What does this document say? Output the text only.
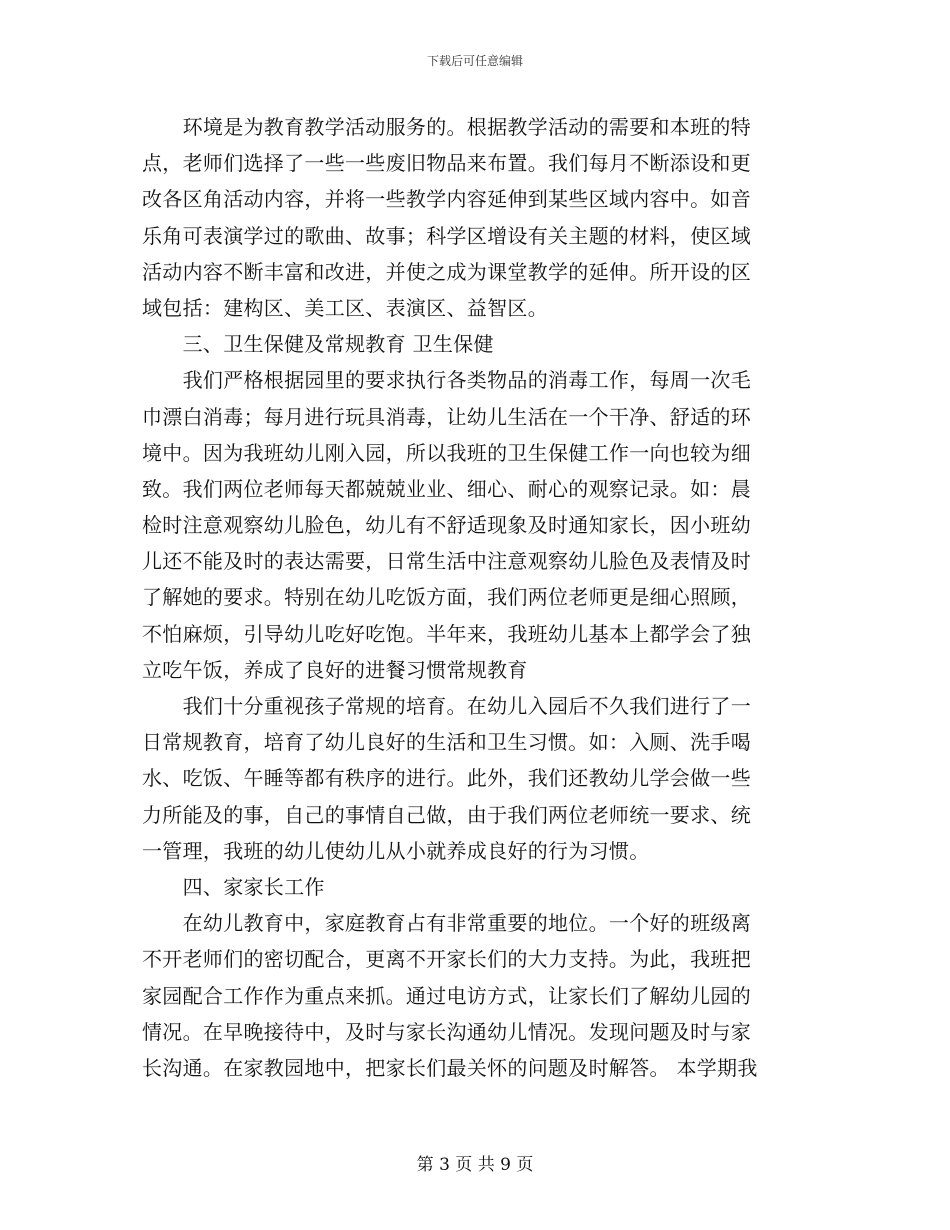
下载后可任意编辑
　　环境是为教育教学活动服务的。根据教学活动的需要和本班的特
点，老师们选择了一些一些废旧物品来布置。我们每月不断添设和更
改各区角活动内容，并将一些教学内容延伸到某些区域内容中。如音
乐角可表演学过的歌曲、故事；科学区增设有关主题的材料，使区域
活动内容不断丰富和改进，并使之成为课堂教学的延伸。所开设的区
域包括：建构区、美工区、表演区、益智区。
　　三、卫生保健及常规教育 卫生保健
　　我们严格根据园里的要求执行各类物品的消毒工作，每周一次毛
巾漂白消毒；每月进行玩具消毒，让幼儿生活在一个干净、舒适的环
境中。因为我班幼儿刚入园，所以我班的卫生保健工作一向也较为细
致。我们两位老师每天都兢兢业业、细心、耐心的观察记录。如：晨
检时注意观察幼儿脸色，幼儿有不舒适现象及时通知家长，因小班幼
儿还不能及时的表达需要，日常生活中注意观察幼儿脸色及表情及时
了解她的要求。特别在幼儿吃饭方面，我们两位老师更是细心照顾，
不怕麻烦，引导幼儿吃好吃饱。半年来，我班幼儿基本上都学会了独
立吃午饭，养成了良好的进餐习惯常规教育
　　我们十分重视孩子常规的培育。在幼儿入园后不久我们进行了一
日常规教育，培育了幼儿良好的生活和卫生习惯。如：入厕、洗手喝
水、吃饭、午睡等都有秩序的进行。此外，我们还教幼儿学会做一些
力所能及的事，自己的事情自己做，由于我们两位老师统一要求、统
一管理，我班的幼儿使幼儿从小就养成良好的行为习惯。
　　四、家家长工作
　　在幼儿教育中，家庭教育占有非常重要的地位。一个好的班级离
不开老师们的密切配合，更离不开家长们的大力支持。为此，我班把
家园配合工作作为重点来抓。通过电访方式，让家长们了解幼儿园的
情况。在早晚接待中，及时与家长沟通幼儿情况。发现问题及时与家
长沟通。在家教园地中，把家长们最关怀的问题及时解答。 本学期我
第 3 页 共 9 页
